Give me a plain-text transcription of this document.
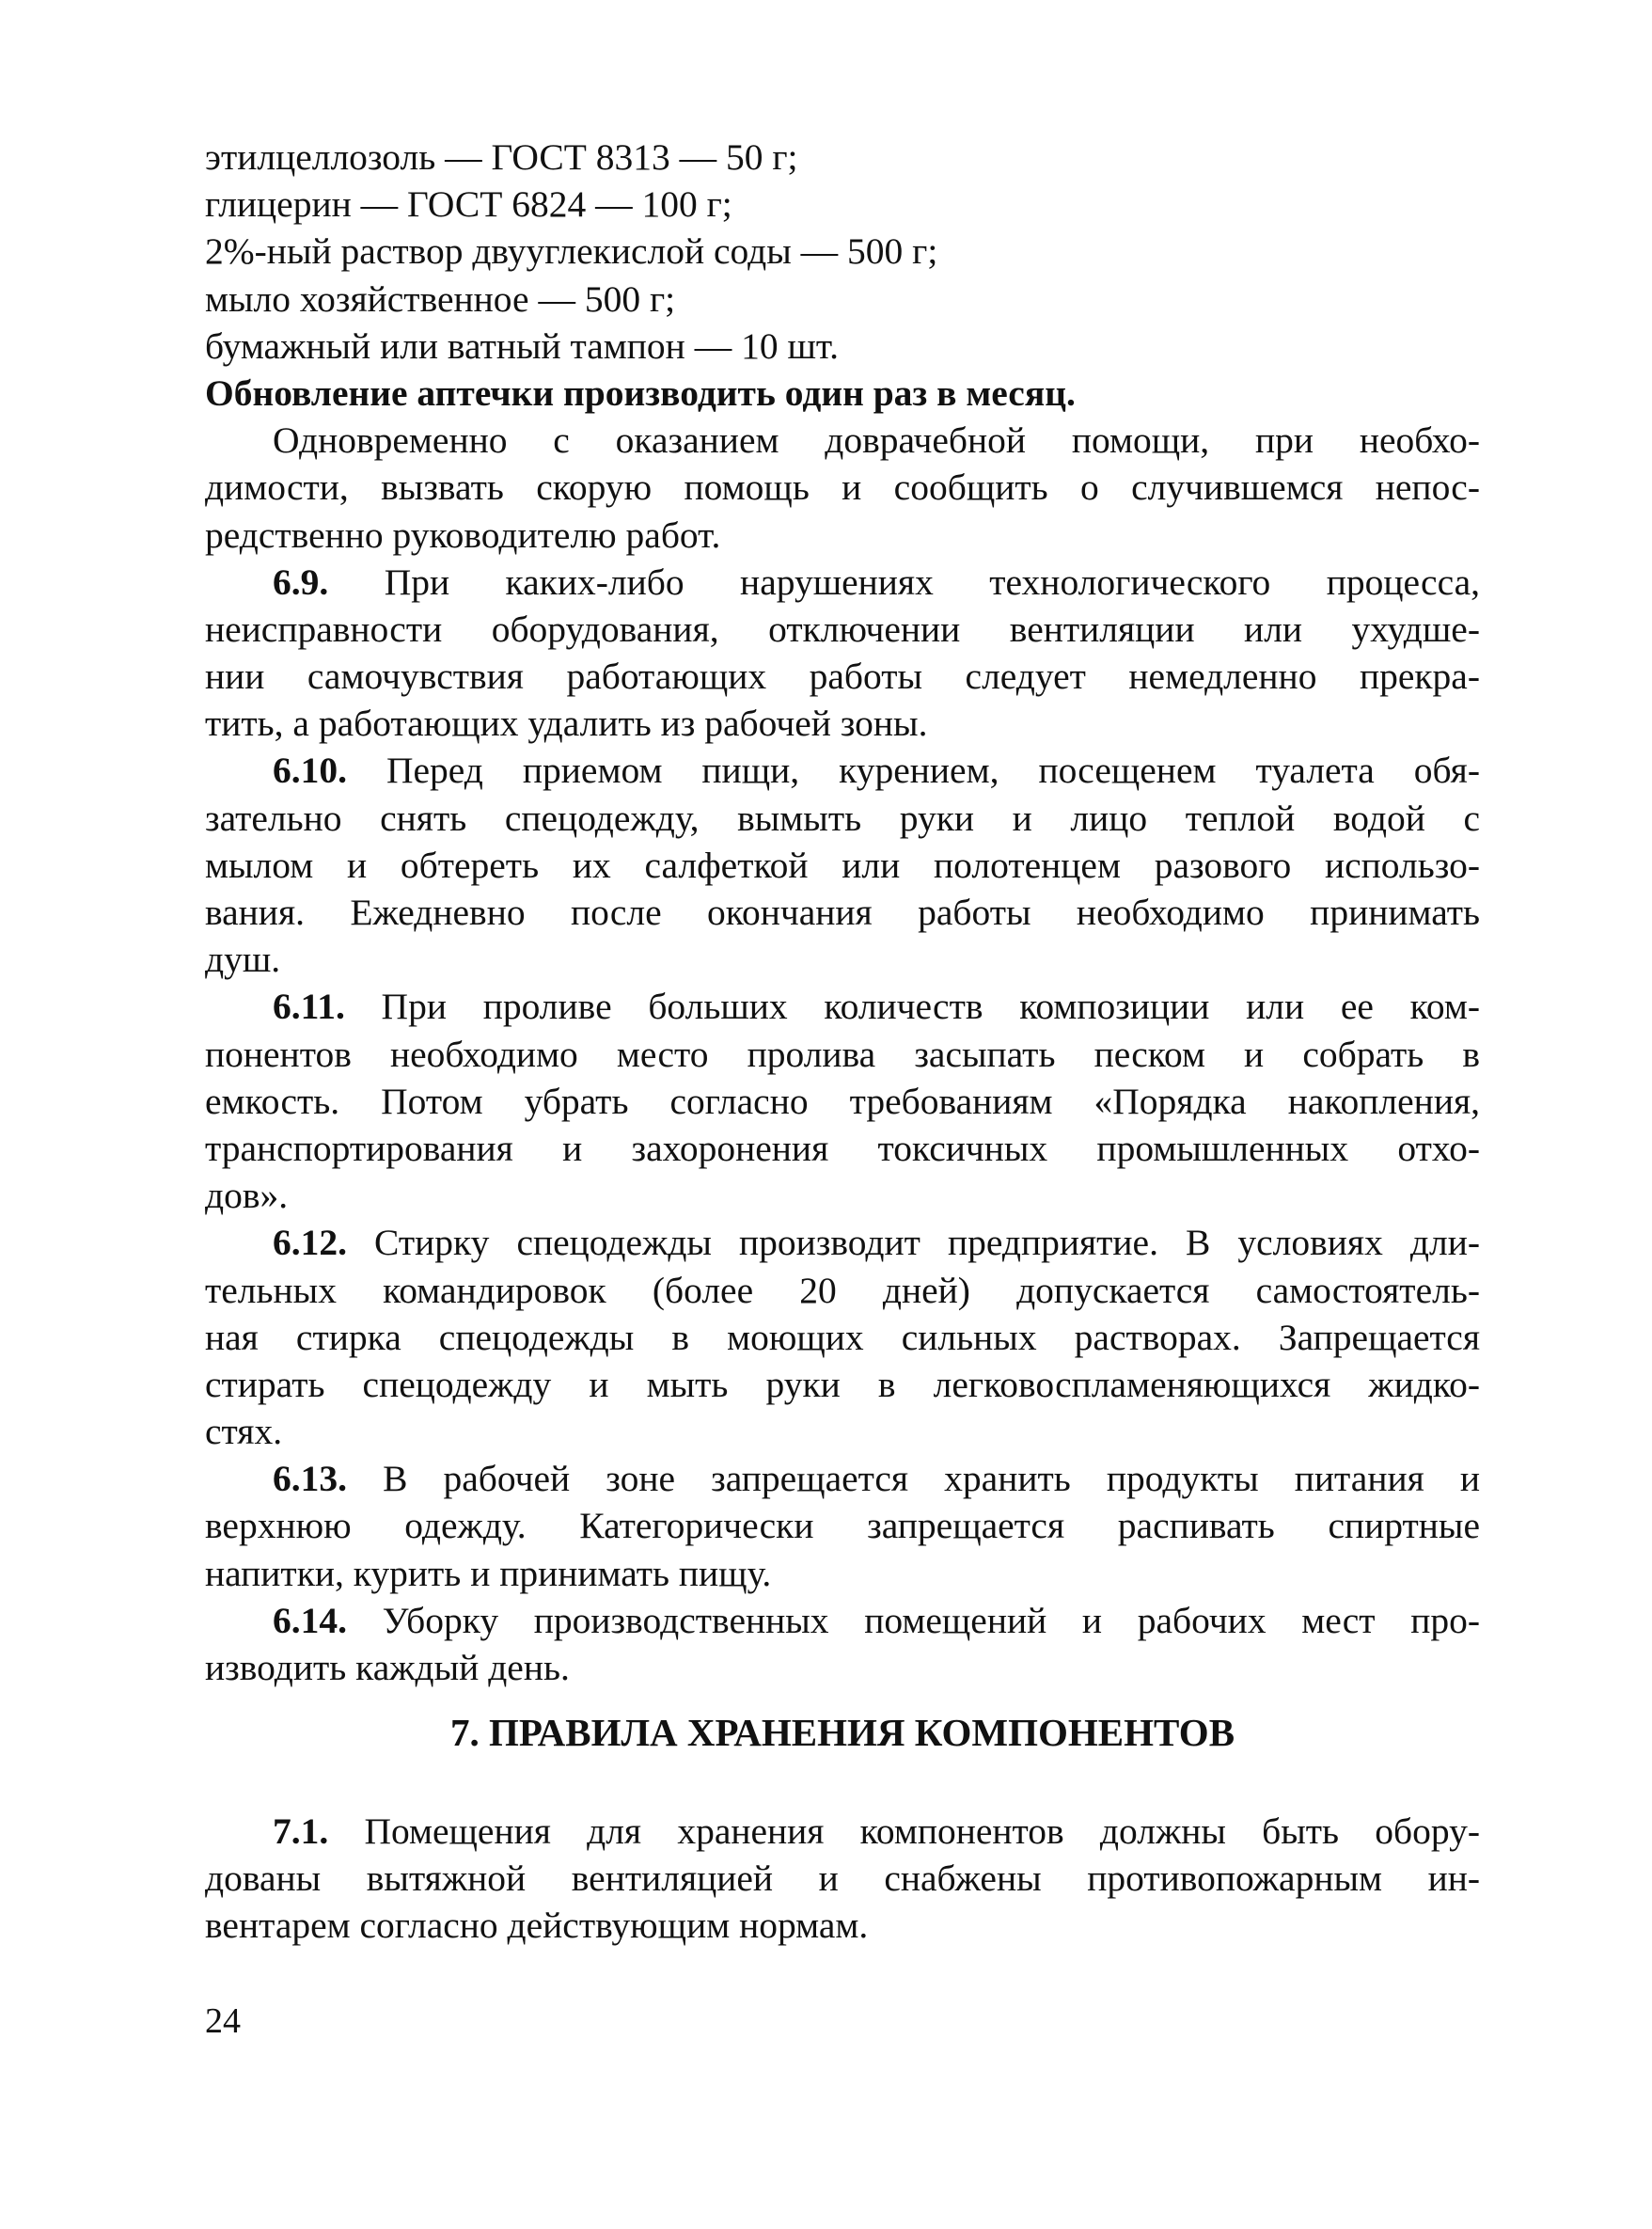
этилцеллозоль — ГОСТ 8313 — 50 г;
глицерин — ГОСТ 6824 — 100 г;
2%-ный раствор двууглекислой соды — 500 г;
мыло хозяйственное — 500 г;
бумажный или ватный тампон — 10 шт.
Обновление аптечки производить один раз в месяц.
Одновременно с оказанием доврачебной помощи, при необхо-
димости, вызвать скорую помощь и сообщить о случившемся непос-
редственно руководителю работ.
6.9. При каких-либо нарушениях технологического процесса,
неисправности оборудования, отключении вентиляции или ухудше-
нии самочувствия работающих работы следует немедленно прекра-
тить, а работающих удалить из рабочей зоны.
6.10. Перед приемом пищи, курением, посещенем туалета обя-
зательно снять спецодежду, вымыть руки и лицо теплой водой с
мылом и обтереть их салфеткой или полотенцем разового использо-
вания. Ежедневно после окончания работы необходимо принимать
душ.
6.11. При проливе больших количеств композиции или ее ком-
понентов необходимо место пролива засыпать песком и собрать в
емкость. Потом убрать согласно требованиям «Порядка накопления,
транспортирования и захоронения токсичных промышленных отхо-
дов».
6.12. Стирку спецодежды производит предприятие. В условиях дли-
тельных командировок (более 20 дней) допускается самостоятель-
ная стирка спецодежды в моющих сильных растворах. Запрещается
стирать спецодежду и мыть руки в легковоспламеняющихся жидко-
стях.
6.13. В рабочей зоне запрещается хранить продукты питания и
верхнюю одежду. Категорически запрещается распивать спиртные
напитки, курить и принимать пищу.
6.14. Уборку производственных помещений и рабочих мест про-
изводить каждый день.
7. ПРАВИЛА ХРАНЕНИЯ КОМПОНЕНТОВ
7.1. Помещения для хранения компонентов должны быть обору-
дованы вытяжной вентиляцией и снабжены противопожарным ин-
вентарем согласно действующим нормам.
24
